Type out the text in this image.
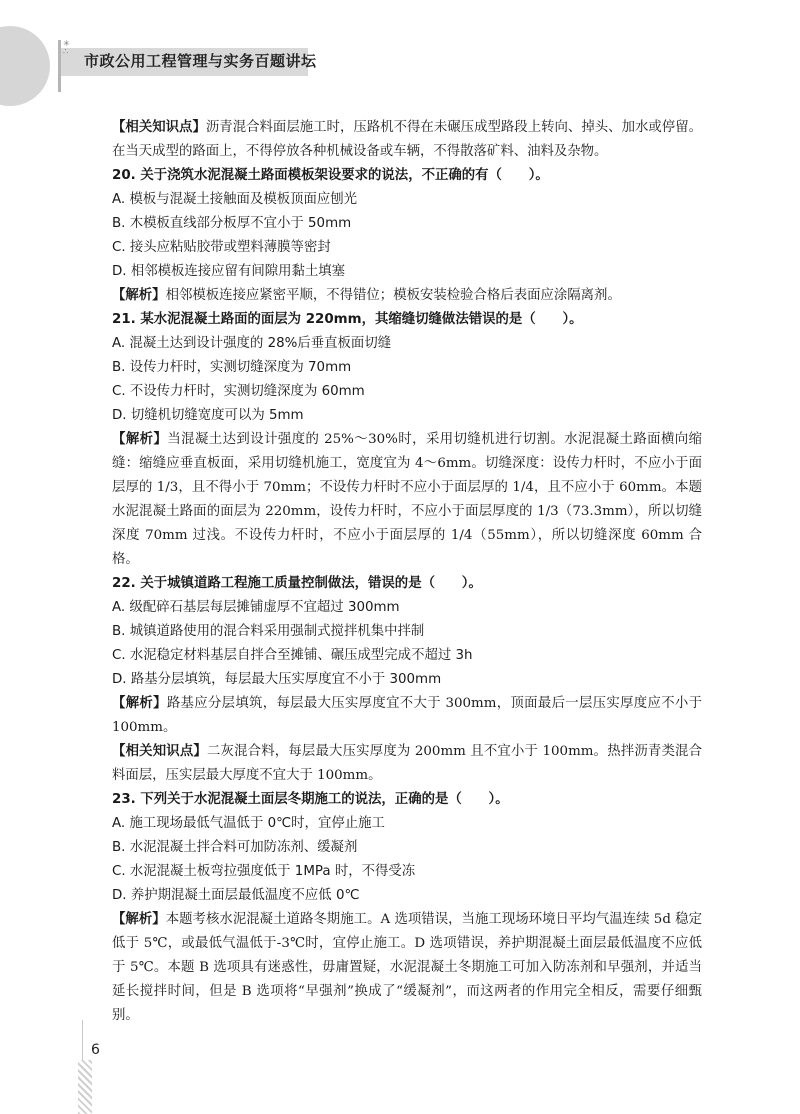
✳
∴
市政公用工程管理与实务百题讲坛

【相关知识点】沥青混合料面层施工时，压路机不得在未碾压成型路段上转向、掉头、加水或停留。在当天成型的路面上，不得停放各种机械设备或车辆，不得散落矿料、油料及杂物。

20. 关于浇筑水泥混凝土路面模板架设要求的说法，不正确的有（　　）。

A. 模板与混凝土接触面及模板顶面应刨光

B. 木模板直线部分板厚不宜小于 50mm

C. 接头应粘贴胶带或塑料薄膜等密封

D. 相邻模板连接应留有间隙用黏土填塞

【解析】相邻模板连接应紧密平顺，不得错位；模板安装检验合格后表面应涂隔离剂。

21. 某水泥混凝土路面的面层为 220mm，其缩缝切缝做法错误的是（　　）。

A. 混凝土达到设计强度的 28%后垂直板面切缝

B. 设传力杆时，实测切缝深度为 70mm

C. 不设传力杆时，实测切缝深度为 60mm

D. 切缝机切缝宽度可以为 5mm

【解析】当混凝土达到设计强度的 25%～30%时，采用切缝机进行切割。水泥混凝土路面横向缩缝：缩缝应垂直板面，采用切缝机施工，宽度宜为 4～6mm。切缝深度：设传力杆时，不应小于面层厚的 1/3，且不得小于 70mm；不设传力杆时不应小于面层厚的 1/4，且不应小于 60mm。本题水泥混凝土路面的面层为 220mm，设传力杆时，不应小于面层厚度的 1/3（73.3mm），所以切缝深度 70mm 过浅。不设传力杆时，不应小于面层厚的 1/4（55mm），所以切缝深度 60mm 合格。

22. 关于城镇道路工程施工质量控制做法，错误的是（　　）。

A. 级配碎石基层每层摊铺虚厚不宜超过 300mm

B. 城镇道路使用的混合料采用强制式搅拌机集中拌制

C. 水泥稳定材料基层自拌合至摊铺、碾压成型完成不超过 3h

D. 路基分层填筑，每层最大压实厚度宜不小于 300mm

【解析】路基应分层填筑，每层最大压实厚度宜不大于 300mm，顶面最后一层压实厚度应不小于 100mm。

【相关知识点】二灰混合料，每层最大压实厚度为 200mm 且不宜小于 100mm。热拌沥青类混合料面层，压实层最大厚度不宜大于 100mm。

23. 下列关于水泥混凝土面层冬期施工的说法，正确的是（　　）。

A. 施工现场最低气温低于 0℃时，宜停止施工

B. 水泥混凝土拌合料可加防冻剂、缓凝剂

C. 水泥混凝土板弯拉强度低于 1MPa 时，不得受冻

D. 养护期混凝土面层最低温度不应低 0℃

【解析】本题考核水泥混凝土道路冬期施工。A 选项错误，当施工现场环境日平均气温连续 5d 稳定低于 5℃，或最低气温低于-3℃时，宜停止施工。D 选项错误，养护期混凝土面层最低温度不应低于 5℃。本题 B 选项具有迷惑性，毋庸置疑，水泥混凝土冬期施工可加入防冻剂和早强剂，并适当延长搅拌时间，但是 B 选项将“早强剂”换成了“缓凝剂”，而这两者的作用完全相反，需要仔细甄别。

6
